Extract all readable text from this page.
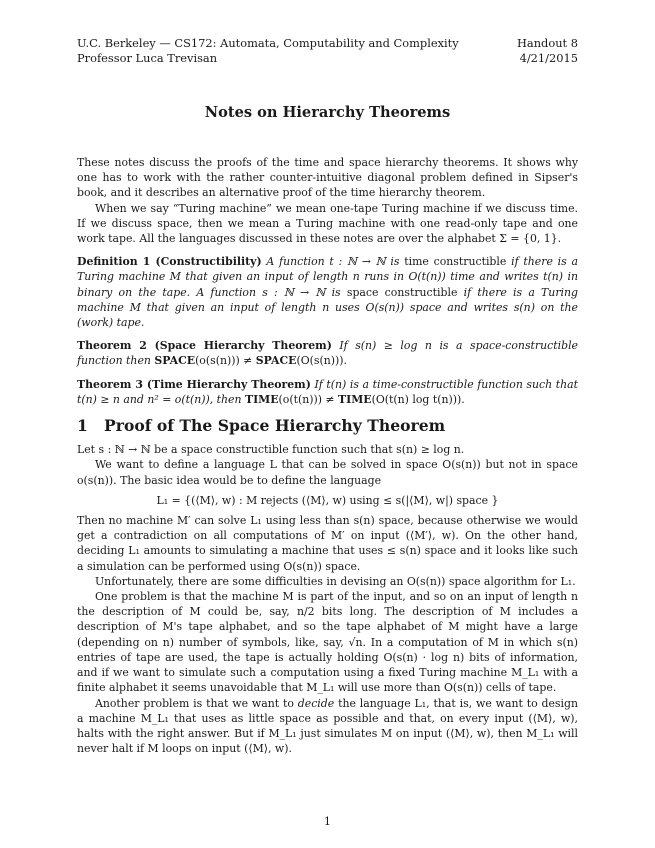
U.C. Berkeley — CS172: Automata, Computability and Complexity
Professor Luca Trevisan
Handout 8
4/21/2015
Notes on Hierarchy Theorems

These notes discuss the proofs of the time and space hierarchy theorems. It shows why one has to work with the rather counter-intuitive diagonal problem defined in Sipser's book, and it describes an alternative proof of the time hierarchy theorem.

When we say “Turing machine” we mean one-tape Turing machine if we discuss time. If we discuss space, then we mean a Turing machine with one read-only tape and one work tape. All the languages discussed in these notes are over the alphabet Σ = {0, 1}.

Definition 1 (Constructibility) A function t : ℕ → ℕ is time constructible if there is a Turing machine M that given an input of length n runs in O(t(n)) time and writes t(n) in binary on the tape. A function s : ℕ → ℕ is space constructible if there is a Turing machine M that given an input of length n uses O(s(n)) space and writes s(n) on the (work) tape.

Theorem 2 (Space Hierarchy Theorem) If s(n) ≥ log n is a space-constructible function then SPACE(o(s(n))) ≠ SPACE(O(s(n))).

Theorem 3 (Time Hierarchy Theorem) If t(n) is a time-constructible function such that t(n) ≥ n and n² = o(t(n)), then TIME(o(t(n))) ≠ TIME(O(t(n) log t(n))).

1 Proof of The Space Hierarchy Theorem

Let s : ℕ → ℕ be a space constructible function such that s(n) ≥ log n.

We want to define a language L that can be solved in space O(s(n)) but not in space o(s(n)). The basic idea would be to define the language

L₁ = {(⟨M⟩, w) : M rejects (⟨M⟩, w) using ≤ s(|⟨M⟩, w|) space }

Then no machine M′ can solve L₁ using less than s(n) space, because otherwise we would get a contradiction on all computations of M′ on input (⟨M′⟩, w). On the other hand, deciding L₁ amounts to simulating a machine that uses ≤ s(n) space and it looks like such a simulation can be performed using O(s(n)) space.

Unfortunately, there are some difficulties in devising an O(s(n)) space algorithm for L₁.

One problem is that the machine M is part of the input, and so on an input of length n the description of M could be, say, n/2 bits long. The description of M includes a description of M's tape alphabet, and so the tape alphabet of M might have a large (depending on n) number of symbols, like, say, √n. In a computation of M in which s(n) entries of tape are used, the tape is actually holding O(s(n) · log n) bits of information, and if we want to simulate such a computation using a fixed Turing machine M_L₁ with a finite alphabet it seems unavoidable that M_L₁ will use more than O(s(n)) cells of tape.

Another problem is that we want to decide the language L₁, that is, we want to design a machine M_L₁ that uses as little space as possible and that, on every input (⟨M⟩, w), halts with the right answer. But if M_L₁ just simulates M on input (⟨M⟩, w), then M_L₁ will never halt if M loops on input (⟨M⟩, w).

1
